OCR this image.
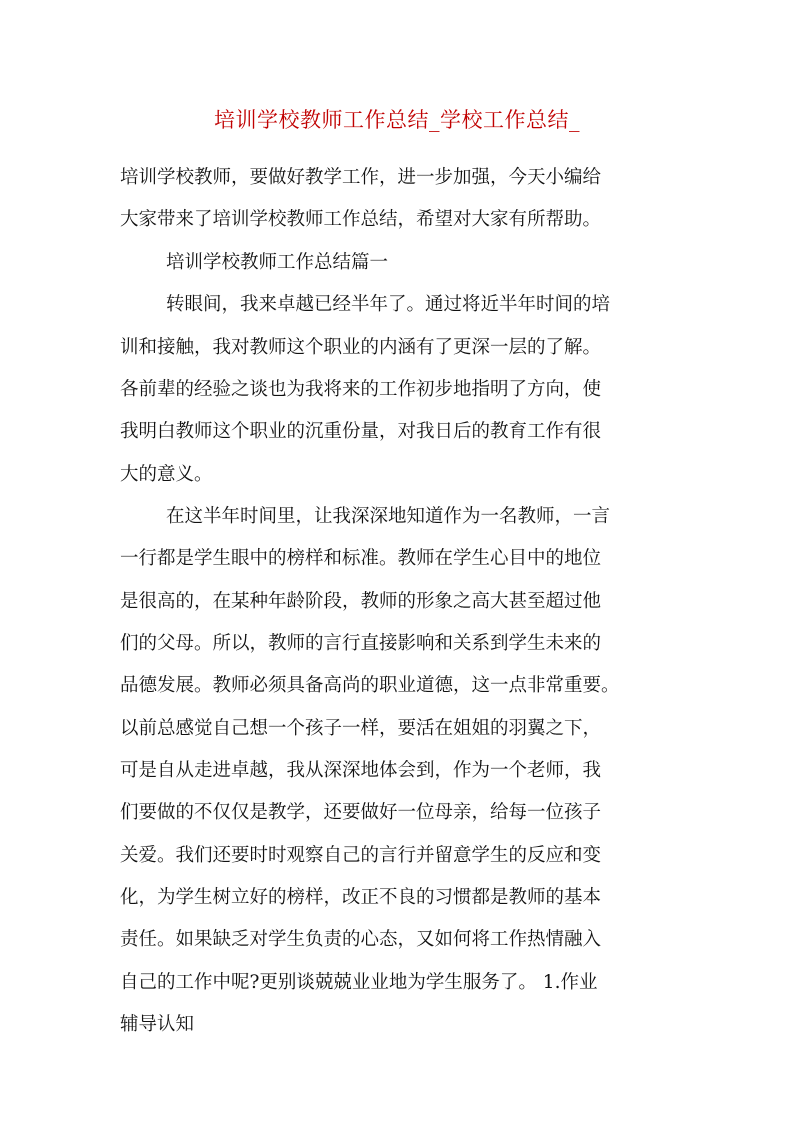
培训学校教师工作总结_学校工作总结_

培训学校教师，要做好教学工作，进一步加强，今天小编给

大家带来了培训学校教师工作总结，希望对大家有所帮助。

培训学校教师工作总结篇一

转眼间，我来卓越已经半年了。通过将近半年时间的培

训和接触，我对教师这个职业的内涵有了更深一层的了解。

各前辈的经验之谈也为我将来的工作初步地指明了方向，使

我明白教师这个职业的沉重份量，对我日后的教育工作有很

大的意义。

在这半年时间里，让我深深地知道作为一名教师，一言

一行都是学生眼中的榜样和标准。教师在学生心目中的地位

是很高的，在某种年龄阶段，教师的形象之高大甚至超过他

们的父母。所以，教师的言行直接影响和关系到学生未来的

品德发展。教师必须具备高尚的职业道德，这一点非常重要。

以前总感觉自己想一个孩子一样，要活在姐姐的羽翼之下，

可是自从走进卓越，我从深深地体会到，作为一个老师，我

们要做的不仅仅是教学，还要做好一位母亲，给每一位孩子

关爱。我们还要时时观察自己的言行并留意学生的反应和变

化，为学生树立好的榜样，改正不良的习惯都是教师的基本

责任。如果缺乏对学生负责的心态，又如何将工作热情融入

自己的工作中呢?更别谈兢兢业业地为学生服务了。 1.作业

辅导认知
